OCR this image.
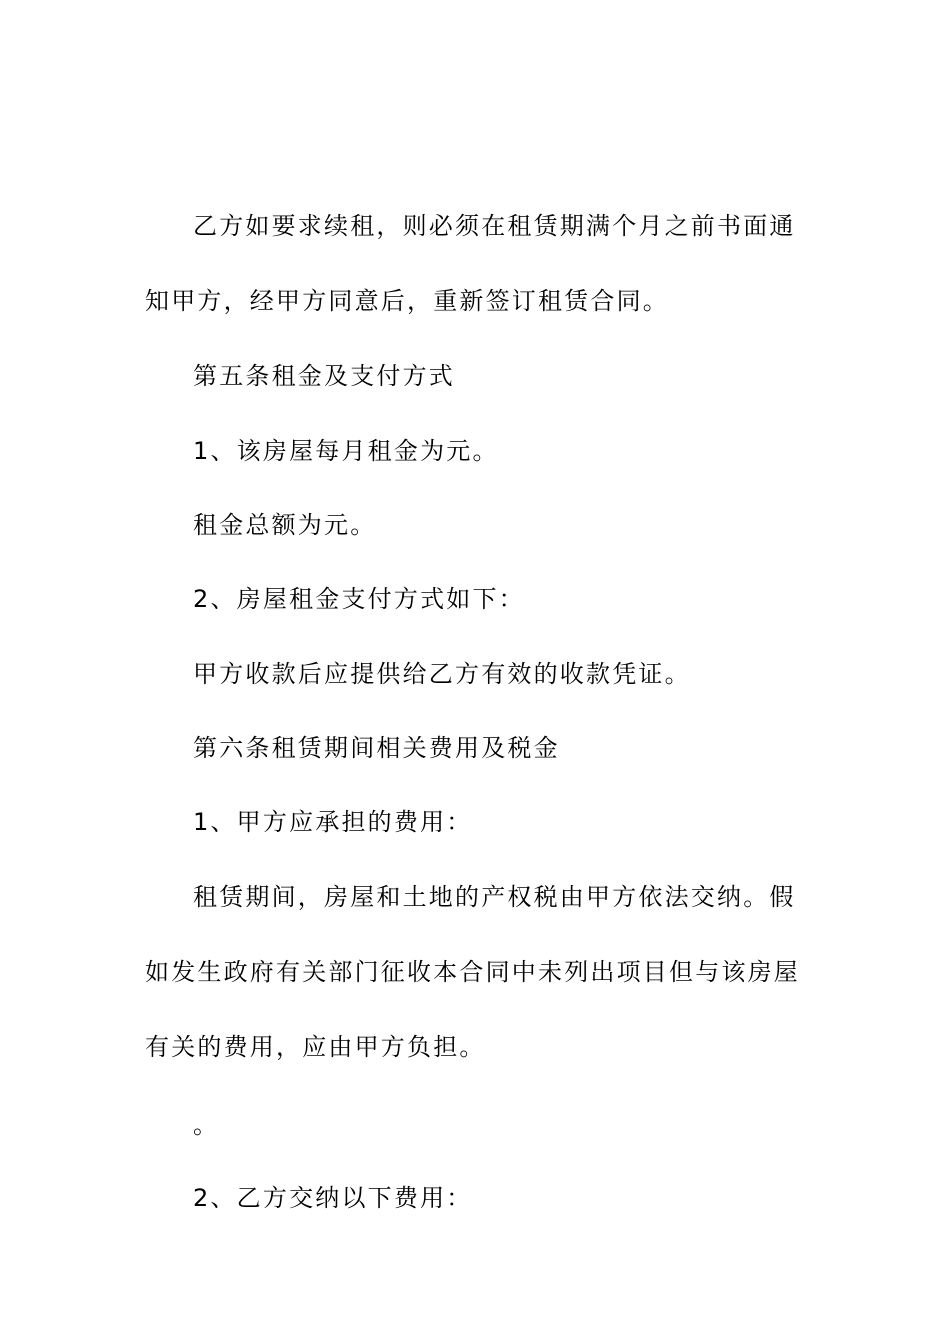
乙方如要求续租，则必须在租赁期满个月之前书面通知甲方，经甲方同意后，重新签订租赁合同。

第五条租金及支付方式

1、该房屋每月租金为元。

租金总额为元。

2、房屋租金支付方式如下：

甲方收款后应提供给乙方有效的收款凭证。

第六条租赁期间相关费用及税金

1、甲方应承担的费用：

租赁期间，房屋和土地的产权税由甲方依法交纳。假如发生政府有关部门征收本合同中未列出项目但与该房屋有关的费用，应由甲方负担。

。

2、乙方交纳以下费用：
